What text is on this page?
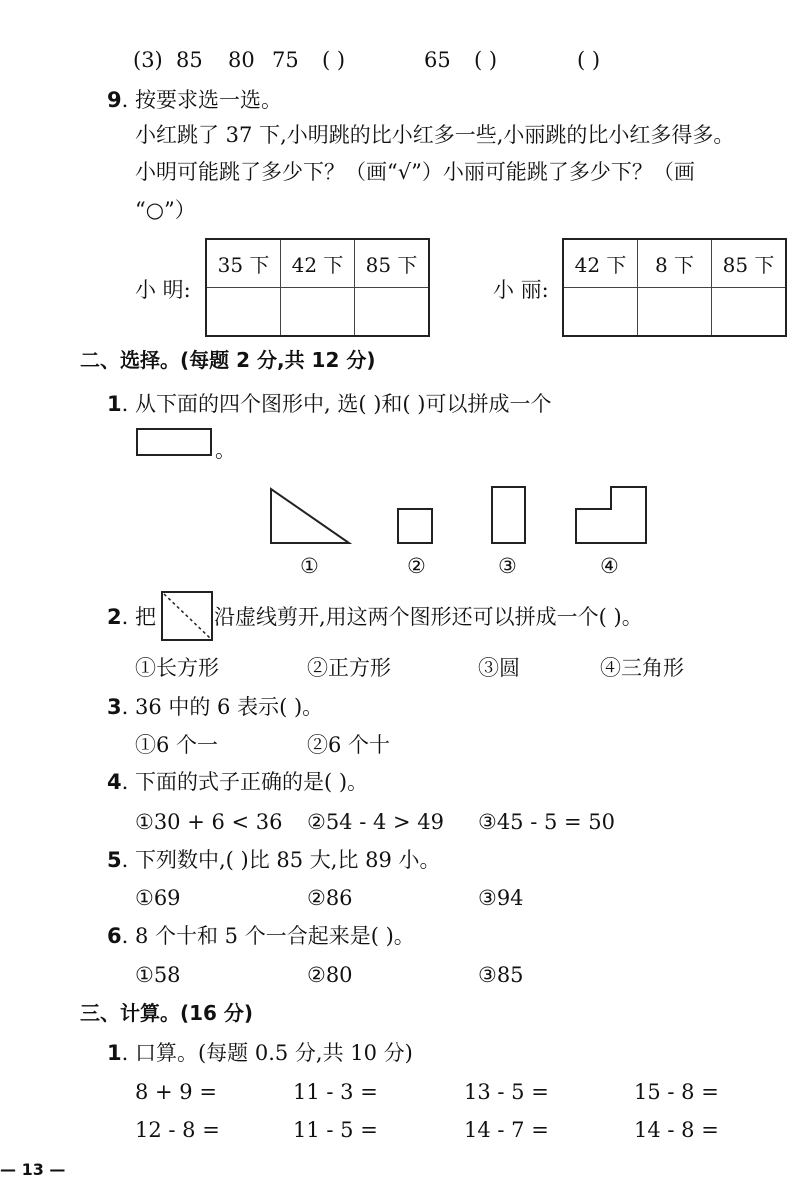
(3) 85 80 75 ( )	65 ( )	( )
9. 按要求选一选。
小红跳了 37 下,小明跳的比小红多一些,小丽跳的比小红多得多。
小明可能跳了多少下？（画“√”）小丽可能跳了多少下？（画
“○”）
小 明:
35 下	42 下	85 下

小 丽:
42 下	8 下	85 下

二、选择。(每题 2 分,共 12 分)
1. 从下面的四个图形中, 选( )和( )可以拼成一个
。
①	②	③	④
2. 把	沿虚线剪开,用这两个图形还可以拼成一个( )。
①长方形	②正方形	③圆	④三角形
3. 36 中的 6 表示( )。
①6 个一	②6 个十
4. 下面的式子正确的是( )。
①30 + 6 < 36 ②54 - 4 > 49 ③45 - 5 = 50
5. 下列数中,( )比 85 大,比 89 小。
①69	②86	③94
6. 8 个十和 5 个一合起来是( )。
①58	②80	③85
三、计算。(16 分)
1. 口算。(每题 0.5 分,共 10 分)
8 + 9 =	11 - 3 =	13 - 5 =	15 - 8 =
12 - 8 =	11 - 5 =	14 - 7 =	14 - 8 =
— 13 —
